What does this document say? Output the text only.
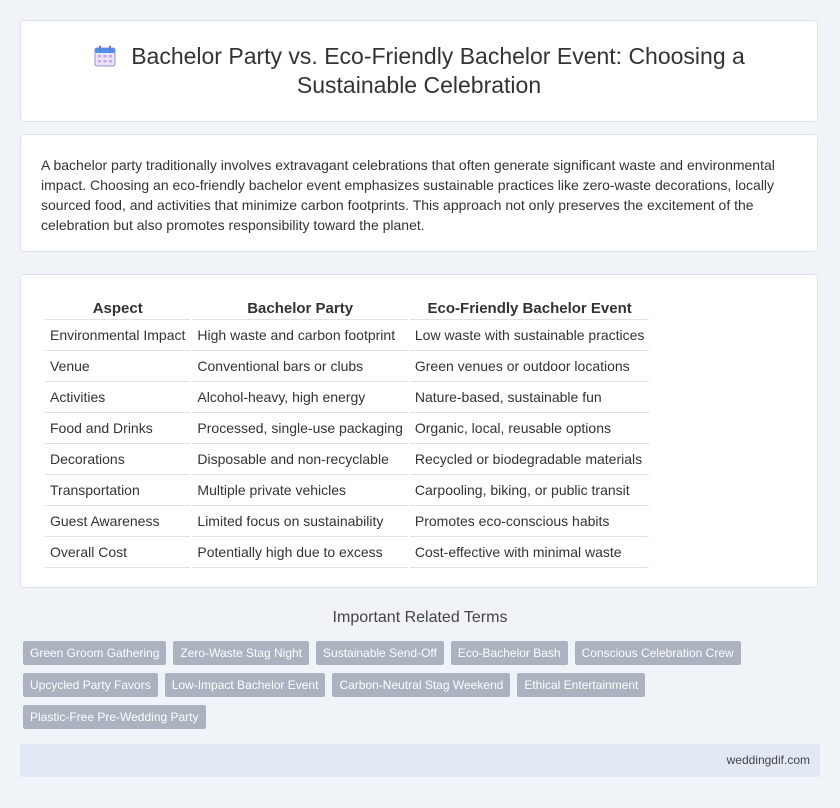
Bachelor Party vs. Eco-Friendly Bachelor Event: Choosing a Sustainable Celebration

A bachelor party traditionally involves extravagant celebrations that often generate significant waste and environmental impact. Choosing an eco-friendly bachelor event emphasizes sustainable practices like zero-waste decorations, locally sourced food, and activities that minimize carbon footprints. This approach not only preserves the excitement of the celebration but also promotes responsibility toward the planet.

Aspect	Bachelor Party	Eco-Friendly Bachelor Event
Environmental Impact	High waste and carbon footprint	Low waste with sustainable practices
Venue	Conventional bars or clubs	Green venues or outdoor locations
Activities	Alcohol-heavy, high energy	Nature-based, sustainable fun
Food and Drinks	Processed, single-use packaging	Organic, local, reusable options
Decorations	Disposable and non-recyclable	Recycled or biodegradable materials
Transportation	Multiple private vehicles	Carpooling, biking, or public transit
Guest Awareness	Limited focus on sustainability	Promotes eco-conscious habits
Overall Cost	Potentially high due to excess	Cost-effective with minimal waste
Important Related Terms
Green Groom Gathering	Zero-Waste Stag Night	Sustainable Send-Off	Eco-Bachelor Bash	Conscious Celebration Crew
Upcycled Party Favors	Low-Impact Bachelor Event	Carbon-Neutral Stag Weekend	Ethical Entertainment
Plastic-Free Pre-Wedding Party
weddingdif.com
